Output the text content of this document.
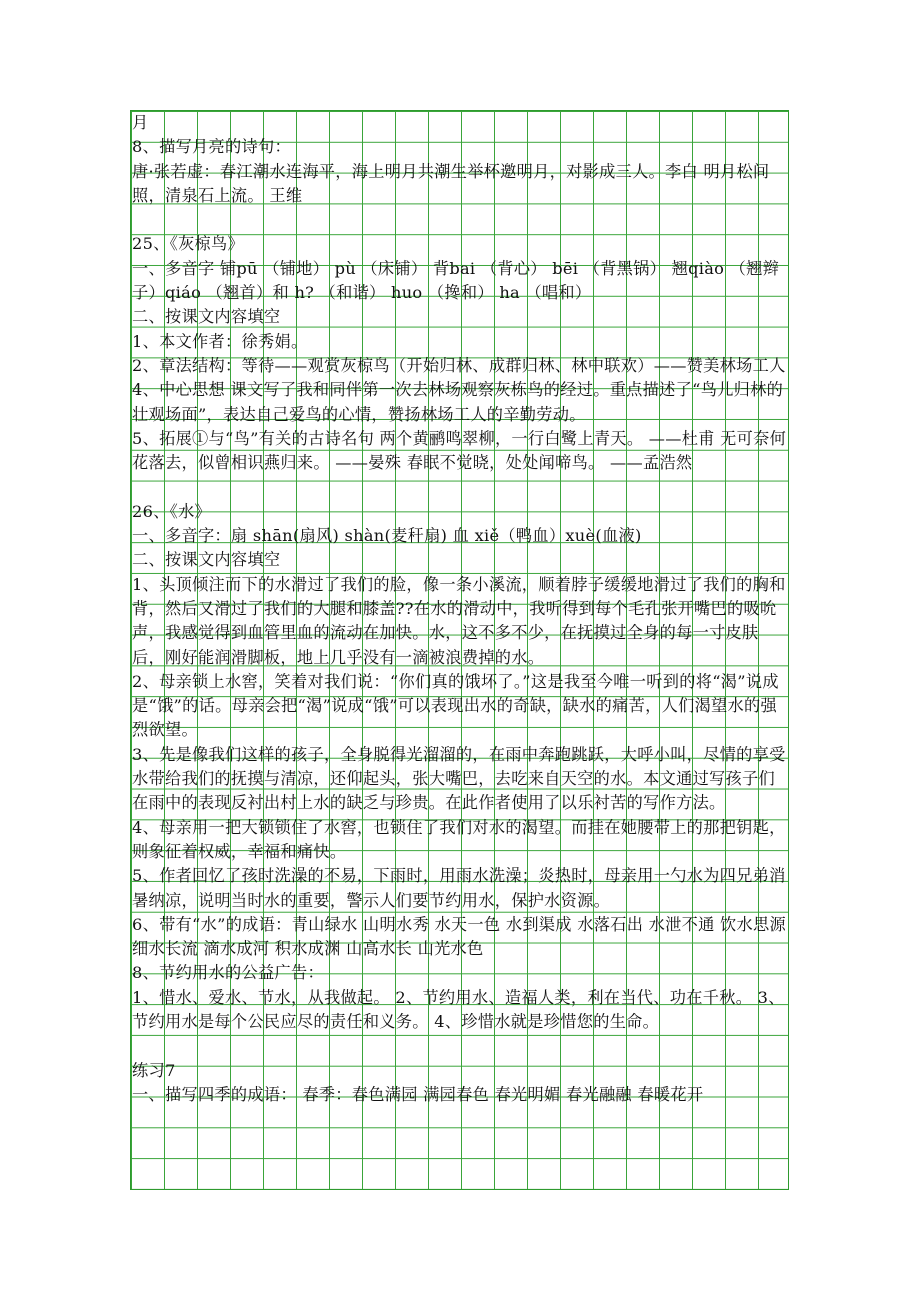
月

8、描写月亮的诗句：

唐·张若虚：春江潮水连海平，海上明月共潮生举杯邀明月，对影成三人。李白 明月松间照，清泉石上流。 王维

25、《灰椋鸟》

一、多音字 铺pū （铺地） pù （床铺） 背bai （背心） bēi （背黑锅） 翘qiào （翘辫子）qiáo （翘首）和 h? （和谐） huo （搀和） ha （唱和）

二、按课文内容填空

1、本文作者：徐秀娟。

2、章法结构：等待——观赏灰椋鸟（开始归林、成群归林、林中联欢）——赞美林场工人

4、中心思想 课文写了我和同伴第一次去林场观察灰栋鸟的经过。重点描述了“鸟儿归林的壮观场面”，表达自己爱鸟的心情，赞扬林场工人的辛勤劳动。

5、拓展①与“鸟”有关的古诗名句 两个黄鹂鸣翠柳，一行白鹭上青天。 ——杜甫 无可奈何花落去，似曾相识燕归来。 ——晏殊 春眠不觉晓，处处闻啼鸟。 ——孟浩然

26、《水》

一、多音字：扇 shān(扇风) shàn(麦秆扇) 血 xiě（鸭血）xuè(血液)

二、按课文内容填空

1、头顶倾注而下的水滑过了我们的脸，像一条小溪流，顺着脖子缓缓地滑过了我们的胸和背，然后又滑过了我们的大腿和膝盖??在水的滑动中，我听得到每个毛孔张开嘴巴的吸吮声，我感觉得到血管里血的流动在加快。水，这不多不少，在抚摸过全身的每一寸皮肤后，刚好能润滑脚板，地上几乎没有一滴被浪费掉的水。

2、母亲锁上水窖，笑着对我们说：“你们真的饿坏了。”这是我至今唯一听到的将“渴”说成是“饿”的话。母亲会把“渴”说成“饿”可以表现出水的奇缺，缺水的痛苦，人们渴望水的强烈欲望。

3、先是像我们这样的孩子，全身脱得光溜溜的，在雨中奔跑跳跃，大呼小叫，尽情的享受水带给我们的抚摸与清凉，还仰起头，张大嘴巴，去吃来自天空的水。本文通过写孩子们在雨中的表现反衬出村上水的缺乏与珍贵。在此作者使用了以乐衬苦的写作方法。

4、母亲用一把大锁锁住了水窖，也锁住了我们对水的渴望。而挂在她腰带上的那把钥匙，则象征着权威，幸福和痛快。

5、作者回忆了孩时洗澡的不易，下雨时，用雨水洗澡；炎热时，母亲用一勺水为四兄弟消暑纳凉，说明当时水的重要，警示人们要节约用水，保护水资源。

6、带有“水”的成语：青山绿水 山明水秀 水天一色 水到渠成 水落石出 水泄不通 饮水思源 细水长流 滴水成河 积水成渊 山高水长 山光水色

8、节约用水的公益广告：

1、惜水、爱水、节水，从我做起。 2、节约用水、造福人类，利在当代、功在千秋。 3、节约用水是每个公民应尽的责任和义务。 4、珍惜水就是珍惜您的生命。

练习7

一、描写四季的成语： 春季：春色满园 满园春色 春光明媚 春光融融 春暖花开
